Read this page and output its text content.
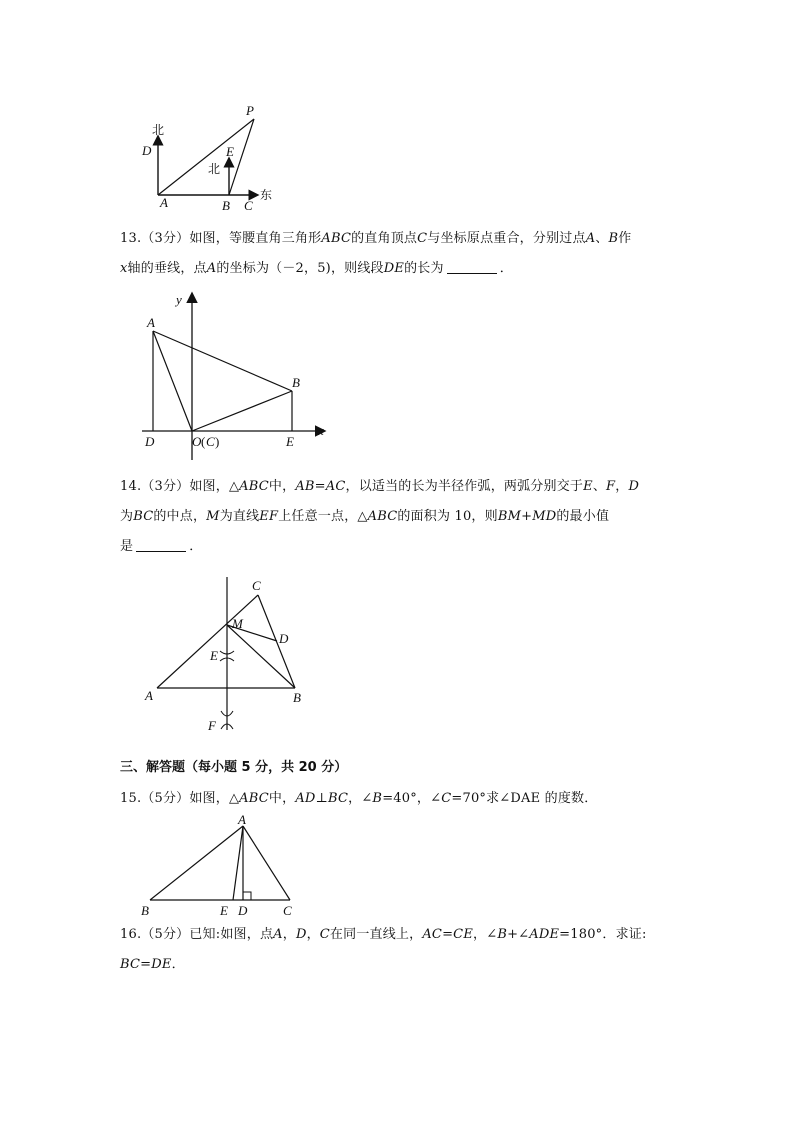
北
D
P
E
北
东
A	B C
13.（3分）如图，等腰直角三角形ABC的直角顶点C与坐标原点重合，分别过点A、B作
x轴的垂线，点A的坐标为（－2，5)，则线段DE的长为	．
y
x
A
B
D	O ( C )	E
14.（3分）如图，△ABC中，AB=AC，以适当的长为半径作弧，两弧分别交于E、F，D
为BC的中点，M为直线EF上任意一点，△ABC的面积为 10，则BM+MD的最小值
是	．
C
M
D
E
A	B
F
三、解答题（每小题 5 分，共 20 分）
15.（5分）如图，△ABC中，AD⊥BC，∠B=40°，∠C=70°求∠DAE 的度数．
A
B	E D	C
16.（5分）已知:如图，点A，D，C在同一直线上，AC=CE，∠B+∠ADE=180°．求证:
BC=DE．
